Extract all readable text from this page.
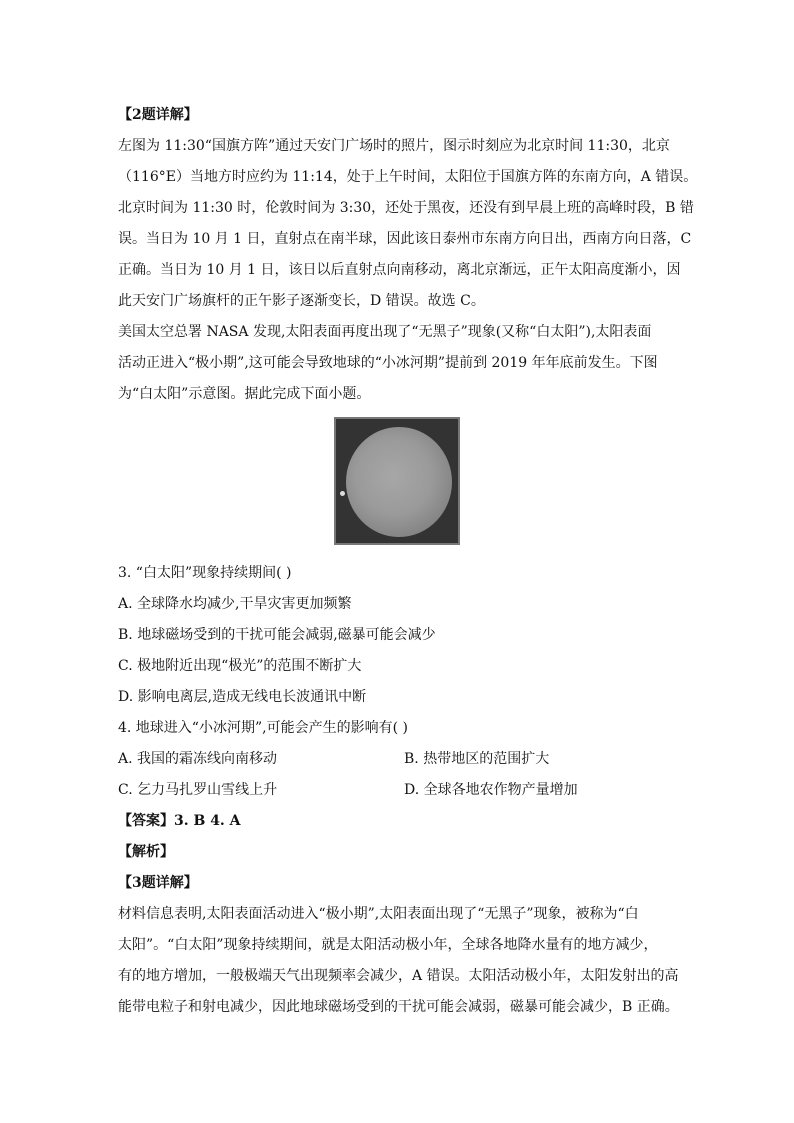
【2题详解】
左图为 11:30“国旗方阵”通过天安门广场时的照片，图示时刻应为北京时间 11:30，北京
（116°E）当地方时应约为 11:14，处于上午时间，太阳位于国旗方阵的东南方向，A 错误。
北京时间为 11:30 时，伦敦时间为 3:30，还处于黑夜，还没有到早晨上班的高峰时段，B 错
误。当日为 10 月 1 日，直射点在南半球，因此该日泰州市东南方向日出，西南方向日落，C
正确。当日为 10 月 1 日，该日以后直射点向南移动，离北京渐远，正午太阳高度渐小，因
此天安门广场旗杆的正午影子逐渐变长，D 错误。故选 C。
美国太空总署 NASA 发现,太阳表面再度出现了“无黑子”现象(又称“白太阳”),太阳表面
活动正进入“极小期”,这可能会导致地球的“小冰河期”提前到 2019 年年底前发生。下图
为“白太阳”示意图。据此完成下面小题。
3. “白太阳”现象持续期间( )
A. 全球降水均减少,干旱灾害更加频繁
B. 地球磁场受到的干扰可能会减弱,磁暴可能会减少
C. 极地附近出现“极光”的范围不断扩大
D. 影响电离层,造成无线电长波通讯中断
4. 地球进入“小冰河期”,可能会产生的影响有( )
A. 我国的霜冻线向南移动	B. 热带地区的范围扩大
C. 乞力马扎罗山雪线上升	D. 全球各地农作物产量增加
【答案】3. B 4. A
【解析】
【3题详解】
材料信息表明,太阳表面活动进入“极小期”,太阳表面出现了“无黑子”现象，被称为“白
太阳”。“白太阳”现象持续期间，就是太阳活动极小年，全球各地降水量有的地方减少，
有的地方增加，一般极端天气出现频率会减少，A 错误。太阳活动极小年，太阳发射出的高
能带电粒子和射电减少，因此地球磁场受到的干扰可能会减弱，磁暴可能会减少，B 正确。
